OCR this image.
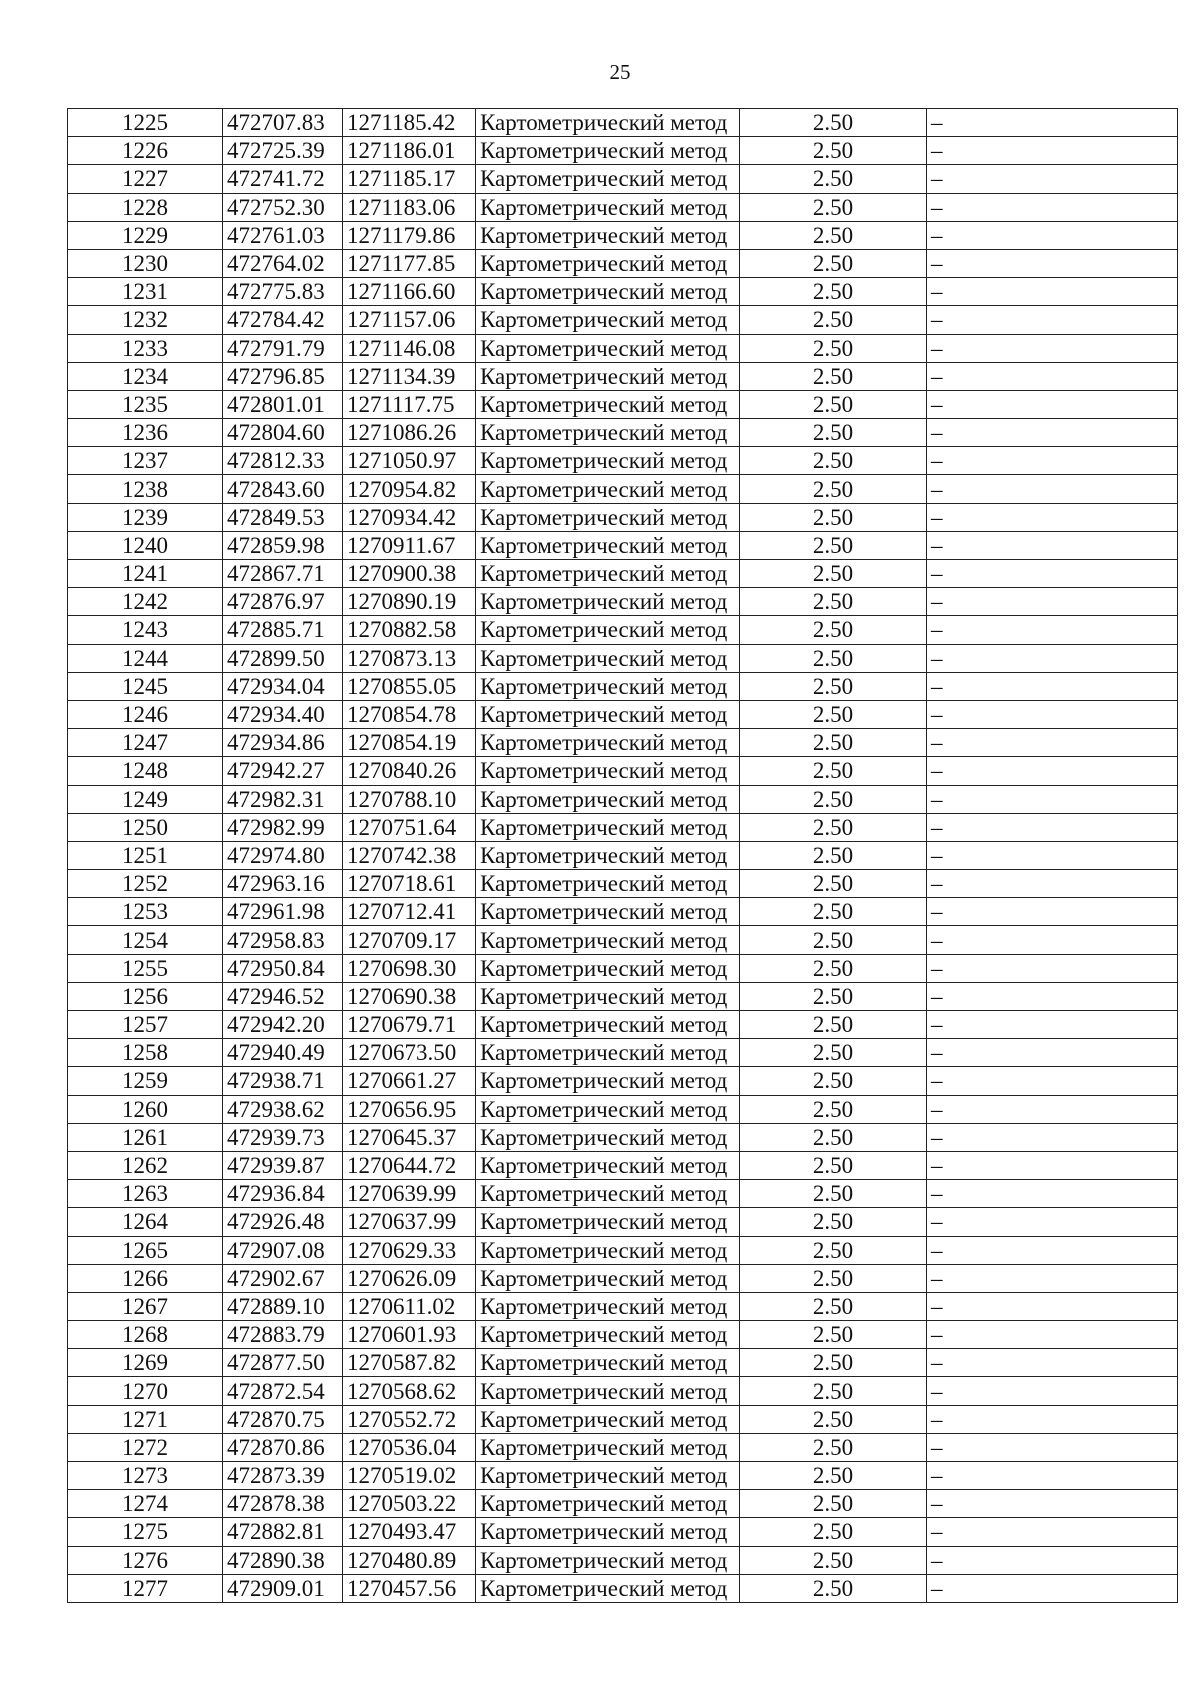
25
1225	472707.83	1271185.42	Картометрический метод	2.50	–
1226	472725.39	1271186.01	Картометрический метод	2.50	–
1227	472741.72	1271185.17	Картометрический метод	2.50	–
1228	472752.30	1271183.06	Картометрический метод	2.50	–
1229	472761.03	1271179.86	Картометрический метод	2.50	–
1230	472764.02	1271177.85	Картометрический метод	2.50	–
1231	472775.83	1271166.60	Картометрический метод	2.50	–
1232	472784.42	1271157.06	Картометрический метод	2.50	–
1233	472791.79	1271146.08	Картометрический метод	2.50	–
1234	472796.85	1271134.39	Картометрический метод	2.50	–
1235	472801.01	1271117.75	Картометрический метод	2.50	–
1236	472804.60	1271086.26	Картометрический метод	2.50	–
1237	472812.33	1271050.97	Картометрический метод	2.50	–
1238	472843.60	1270954.82	Картометрический метод	2.50	–
1239	472849.53	1270934.42	Картометрический метод	2.50	–
1240	472859.98	1270911.67	Картометрический метод	2.50	–
1241	472867.71	1270900.38	Картометрический метод	2.50	–
1242	472876.97	1270890.19	Картометрический метод	2.50	–
1243	472885.71	1270882.58	Картометрический метод	2.50	–
1244	472899.50	1270873.13	Картометрический метод	2.50	–
1245	472934.04	1270855.05	Картометрический метод	2.50	–
1246	472934.40	1270854.78	Картометрический метод	2.50	–
1247	472934.86	1270854.19	Картометрический метод	2.50	–
1248	472942.27	1270840.26	Картометрический метод	2.50	–
1249	472982.31	1270788.10	Картометрический метод	2.50	–
1250	472982.99	1270751.64	Картометрический метод	2.50	–
1251	472974.80	1270742.38	Картометрический метод	2.50	–
1252	472963.16	1270718.61	Картометрический метод	2.50	–
1253	472961.98	1270712.41	Картометрический метод	2.50	–
1254	472958.83	1270709.17	Картометрический метод	2.50	–
1255	472950.84	1270698.30	Картометрический метод	2.50	–
1256	472946.52	1270690.38	Картометрический метод	2.50	–
1257	472942.20	1270679.71	Картометрический метод	2.50	–
1258	472940.49	1270673.50	Картометрический метод	2.50	–
1259	472938.71	1270661.27	Картометрический метод	2.50	–
1260	472938.62	1270656.95	Картометрический метод	2.50	–
1261	472939.73	1270645.37	Картометрический метод	2.50	–
1262	472939.87	1270644.72	Картометрический метод	2.50	–
1263	472936.84	1270639.99	Картометрический метод	2.50	–
1264	472926.48	1270637.99	Картометрический метод	2.50	–
1265	472907.08	1270629.33	Картометрический метод	2.50	–
1266	472902.67	1270626.09	Картометрический метод	2.50	–
1267	472889.10	1270611.02	Картометрический метод	2.50	–
1268	472883.79	1270601.93	Картометрический метод	2.50	–
1269	472877.50	1270587.82	Картометрический метод	2.50	–
1270	472872.54	1270568.62	Картометрический метод	2.50	–
1271	472870.75	1270552.72	Картометрический метод	2.50	–
1272	472870.86	1270536.04	Картометрический метод	2.50	–
1273	472873.39	1270519.02	Картометрический метод	2.50	–
1274	472878.38	1270503.22	Картометрический метод	2.50	–
1275	472882.81	1270493.47	Картометрический метод	2.50	–
1276	472890.38	1270480.89	Картометрический метод	2.50	–
1277	472909.01	1270457.56	Картометрический метод	2.50	–
